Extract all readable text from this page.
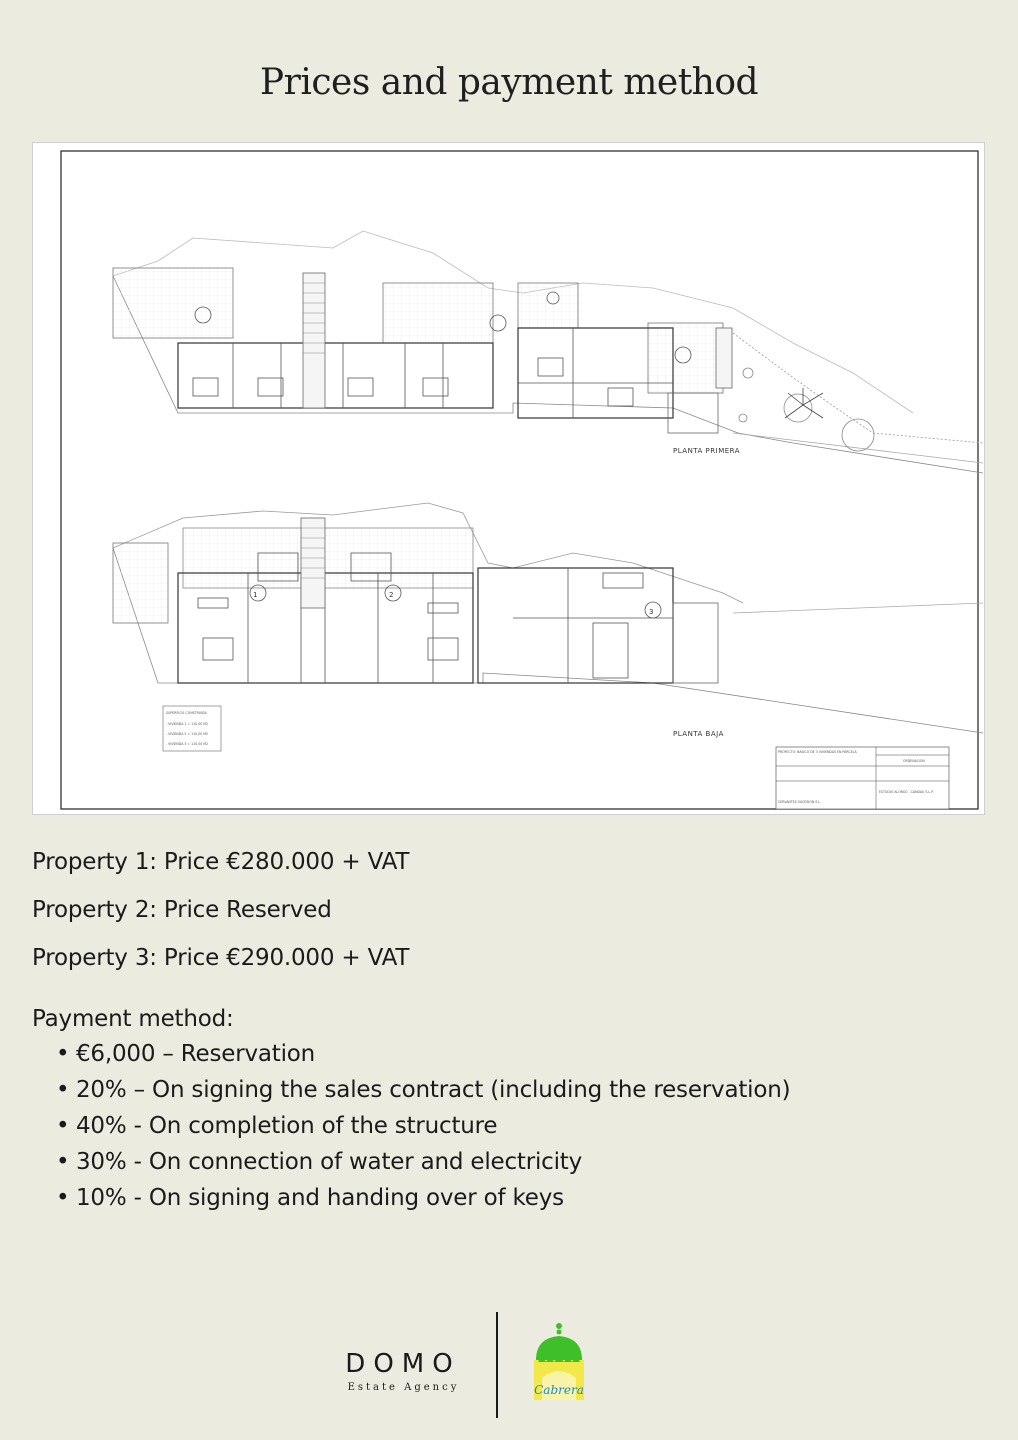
Prices and payment method
PLANTA PRIMERA
1	2
3
PLANTA BAJA
SUPERFICIE CONSTRUIDA
- VIVIENDA 1 = 110,00 M2
- VIVIENDA 2 = 110,00 M2
- VIVIENDA 3 = 110,00 M2
PROYECTO: BASICO DE 3 VIVIENDAS EN PARCELA
ORDENACION
ESTUDIO ALONSO - CANDAU S.L.P.
CERVANTES SUCESION S.L.
Property 1: Price €280.000 + VAT
Property 2: Price Reserved
Property 3: Price €290.000 + VAT
Payment method:
• €6,000 – Reservation
• 20% – On signing the sales contract (including the reservation)
• 40% - On completion of the structure
• 30% - On connection of water and electricity
• 10% - On signing and handing over of keys
DOMO
Estate Agency	Cabrera
